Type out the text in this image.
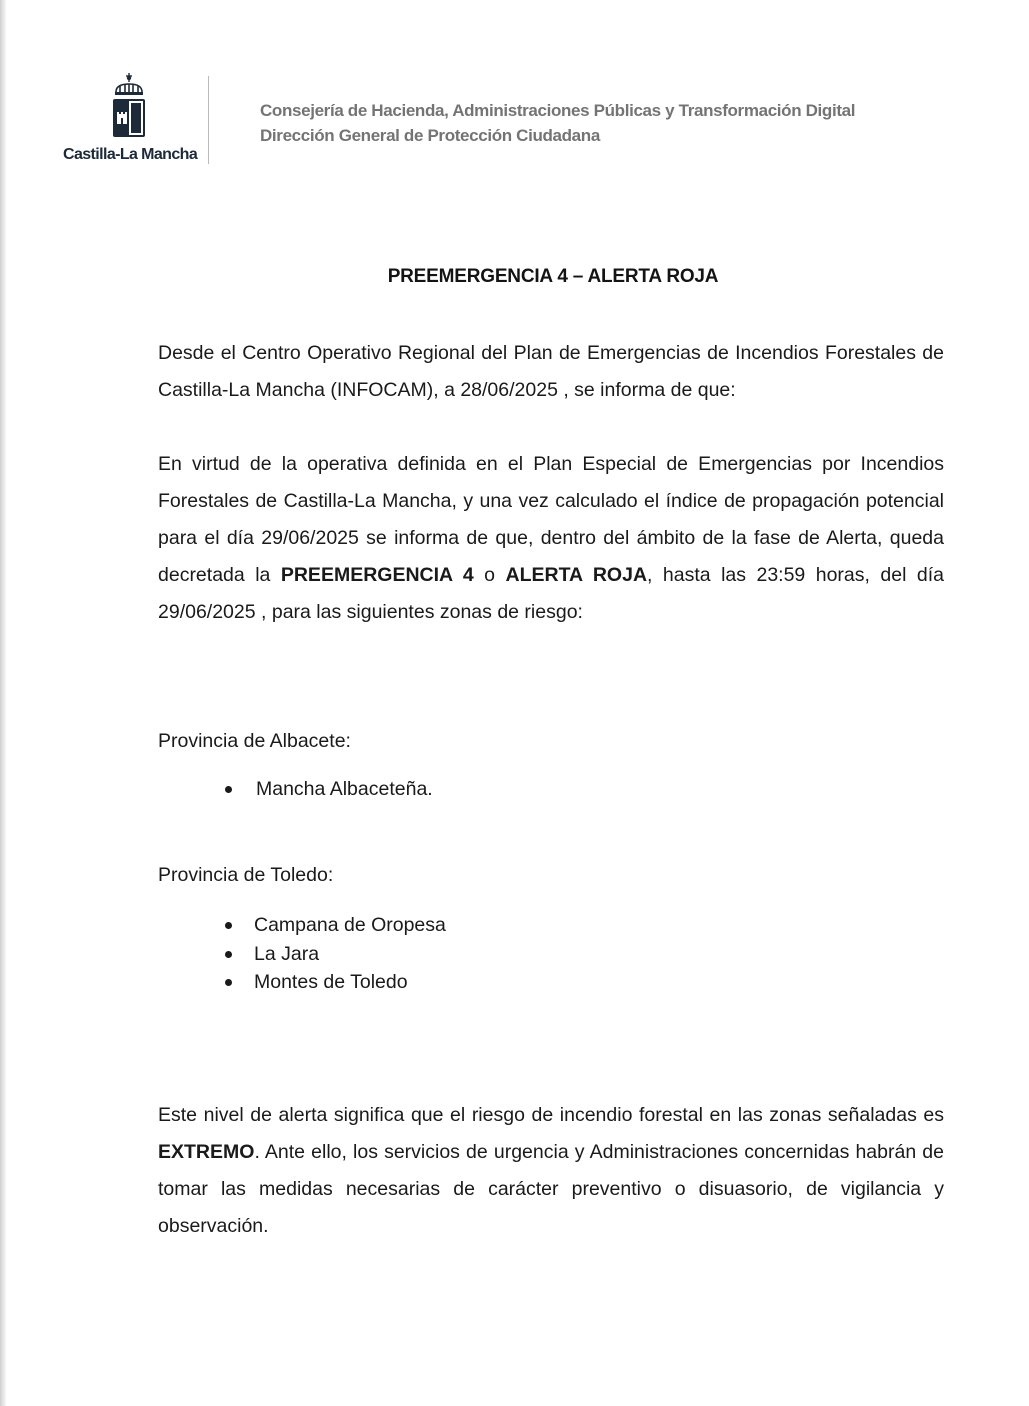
Castilla-La Mancha
Consejería de Hacienda, Administraciones Públicas y Transformación Digital
Dirección General de Protección Ciudadana
PREEMERGENCIA 4 – ALERTA ROJA
Desde el Centro Operativo Regional del Plan de Emergencias de Incendios Forestales de Castilla-La Mancha (INFOCAM), a 28/06/2025 , se informa de que:
En virtud de la operativa definida en el Plan Especial de Emergencias por Incendios Forestales de Castilla-La Mancha, y una vez calculado el índice de propagación potencial para el día 29/06/2025 se informa de que, dentro del ámbito de la fase de Alerta, queda decretada la PREEMERGENCIA 4 o ALERTA ROJA, hasta las 23:59 horas, del día 29/06/2025 , para las siguientes zonas de riesgo:
Provincia de Albacete:
Mancha Albaceteña.
Provincia de Toledo:
Campana de Oropesa
La Jara
Montes de Toledo
Este nivel de alerta significa que el riesgo de incendio forestal en las zonas señaladas es EXTREMO. Ante ello, los servicios de urgencia y Administraciones concernidas habrán de tomar las medidas necesarias de carácter preventivo o disuasorio, de vigilancia y observación.
